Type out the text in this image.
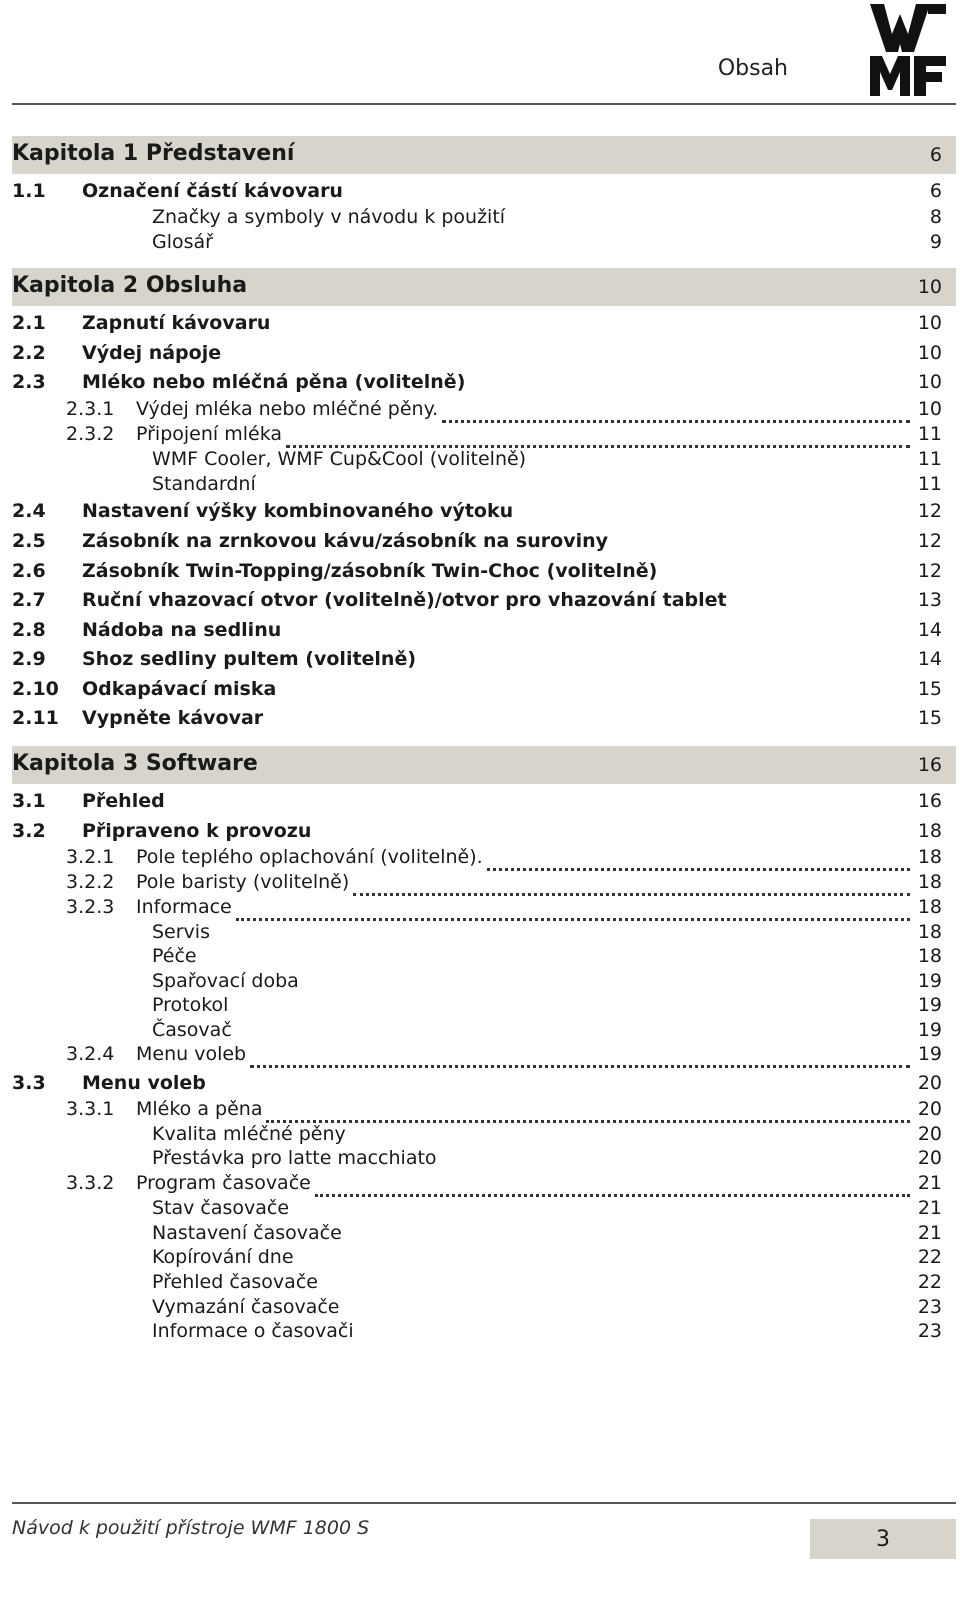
Obsah
Kapitola 1 Představení	6
1.1 Označení částí kávovaru	6
Značky a symboly v návodu k použití	8
Glosář	9
Kapitola 2 Obsluha	10
2.1 Zapnutí kávovaru	10
2.2 Výdej nápoje	10
2.3 Mléko nebo mléčná pěna (volitelně)	10
2.3.1 Výdej mléka nebo mléčné pěny.	10
2.3.2 Připojení mléka	11
WMF Cooler, WMF Cup&Cool (volitelně)	11
Standardní	11
2.4 Nastavení výšky kombinovaného výtoku	12
2.5 Zásobník na zrnkovou kávu/zásobník na suroviny	12
2.6 Zásobník Twin-Topping/zásobník Twin-Choc (volitelně)	12
2.7 Ruční vhazovací otvor (volitelně)/otvor pro vhazování tablet	13
2.8 Nádoba na sedlinu	14
2.9 Shoz sedliny pultem (volitelně)	14
2.10 Odkapávací miska	15
2.11 Vypněte kávovar	15
Kapitola 3 Software	16
3.1 Přehled	16
3.2 Připraveno k provozu	18
3.2.1 Pole teplého oplachování (volitelně).	18
3.2.2 Pole baristy (volitelně)	18
3.2.3 Informace	18
Servis	18
Péče	18
Spařovací doba	19
Protokol	19
Časovač	19
3.2.4 Menu voleb	19
3.3 Menu voleb	20
3.3.1 Mléko a pěna	20
Kvalita mléčné pěny	20
Přestávka pro latte macchiato	20
3.3.2 Program časovače	21
Stav časovače	21
Nastavení časovače	21
Kopírování dne	22
Přehled časovače	22
Vymazání časovače	23
Informace o časovači	23
Návod k použití přístroje WMF 1800 S	3
